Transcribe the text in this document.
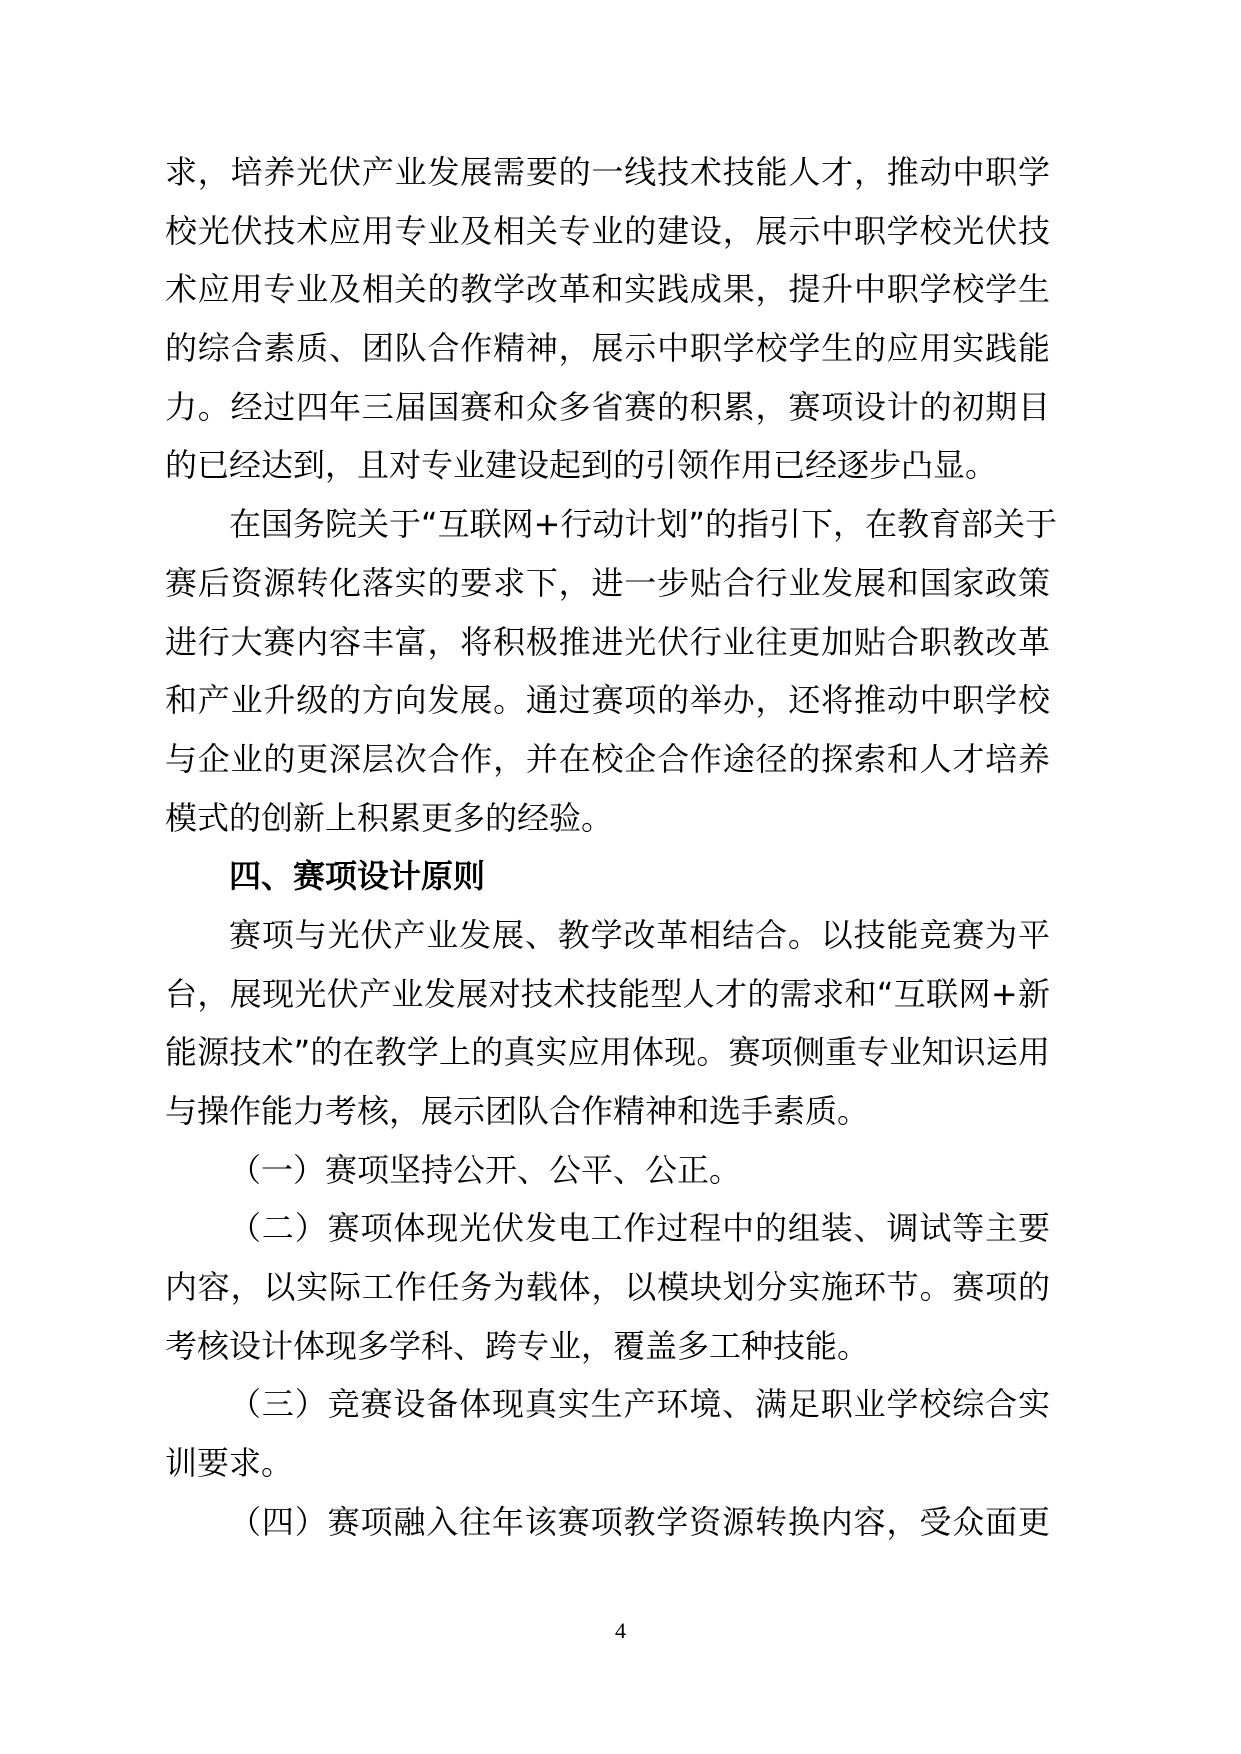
求，培养光伏产业发展需要的一线技术技能人才，推动中职学
校光伏技术应用专业及相关专业的建设，展示中职学校光伏技
术应用专业及相关的教学改革和实践成果，提升中职学校学生
的综合素质、团队合作精神，展示中职学校学生的应用实践能
力。经过四年三届国赛和众多省赛的积累，赛项设计的初期目
的已经达到，且对专业建设起到的引领作用已经逐步凸显。
在国务院关于“互联网+行动计划”的指引下，在教育部关于
赛后资源转化落实的要求下，进一步贴合行业发展和国家政策
进行大赛内容丰富，将积极推进光伏行业往更加贴合职教改革
和产业升级的方向发展。通过赛项的举办，还将推动中职学校
与企业的更深层次合作，并在校企合作途径的探索和人才培养
模式的创新上积累更多的经验。
四、赛项设计原则
赛项与光伏产业发展、教学改革相结合。以技能竞赛为平
台，展现光伏产业发展对技术技能型人才的需求和“互联网+新
能源技术”的在教学上的真实应用体现。赛项侧重专业知识运用
与操作能力考核，展示团队合作精神和选手素质。
（一）赛项坚持公开、公平、公正。
（二）赛项体现光伏发电工作过程中的组装、调试等主要
内容，以实际工作任务为载体，以模块划分实施环节。赛项的
考核设计体现多学科、跨专业，覆盖多工种技能。
（三）竞赛设备体现真实生产环境、满足职业学校综合实
训要求。
（四）赛项融入往年该赛项教学资源转换内容，受众面更
4
